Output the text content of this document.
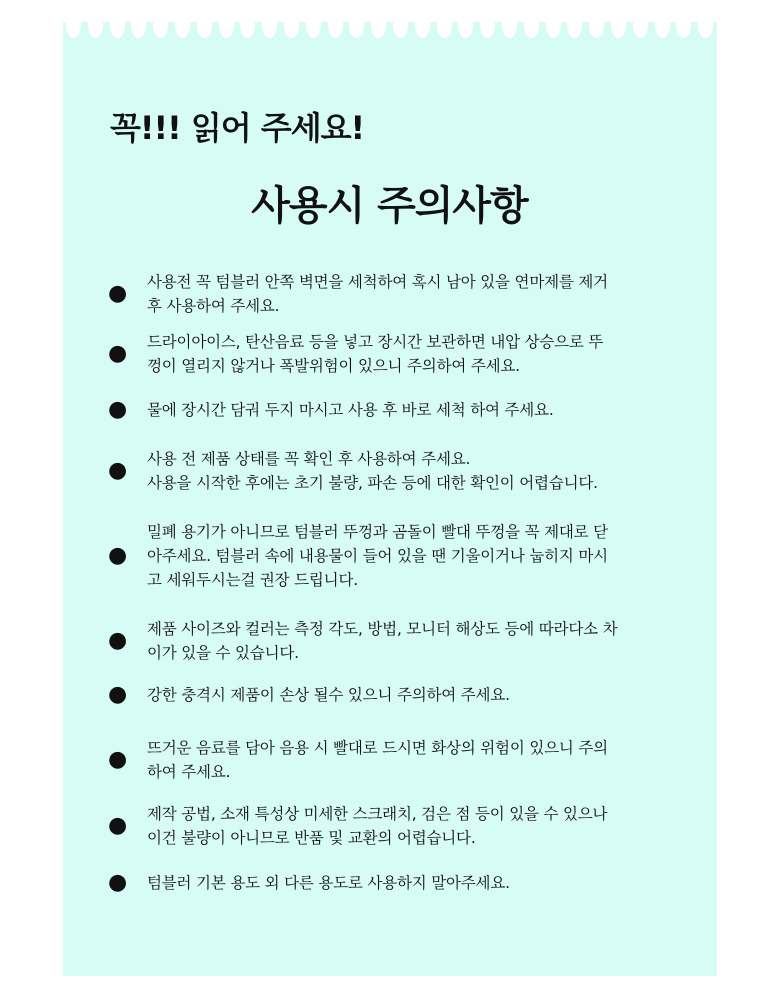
꼭!!! 읽어 주세요!
사용시 주의사항
●	사용전 꼭 텀블러 안쪽 벽면을 세척하여 혹시 남아 있을 연마제를 제거
후 사용하여 주세요.
●	드라이아이스, 탄산음료 등을 넣고 장시간 보관하면 내압 상승으로 뚜
껑이 열리지 않거나 폭발위험이 있으니 주의하여 주세요.
●	물에 장시간 담궈 두지 마시고 사용 후 바로 세척 하여 주세요.
●	사용 전 제품 상태를 꼭 확인 후 사용하여 주세요.
사용을 시작한 후에는 초기 불량, 파손 등에 대한 확인이 어렵습니다.
●
밀폐 용기가 아니므로 텀블러 뚜껑과 곰돌이 빨대 뚜껑을 꼭 제대로 닫
아주세요. 텀블러 속에 내용물이 들어 있을 땐 기울이거나 눕히지 마시
고 세워두시는걸 권장 드립니다.
●	제품 사이즈와 컬러는 측정 각도, 방법, 모니터 해상도 등에 따라다소 차
이가 있을 수 있습니다.
●	강한 충격시 제품이 손상 될수 있으니 주의하여 주세요.
●	뜨거운 음료를 담아 음용 시 빨대로 드시면 화상의 위험이 있으니 주의
하여 주세요.
●	제작 공법, 소재 특성상 미세한 스크래치, 검은 점 등이 있을 수 있으나
이건 불량이 아니므로 반품 및 교환의 어렵습니다.
●	텀블러 기본 용도 외 다른 용도로 사용하지 말아주세요.
